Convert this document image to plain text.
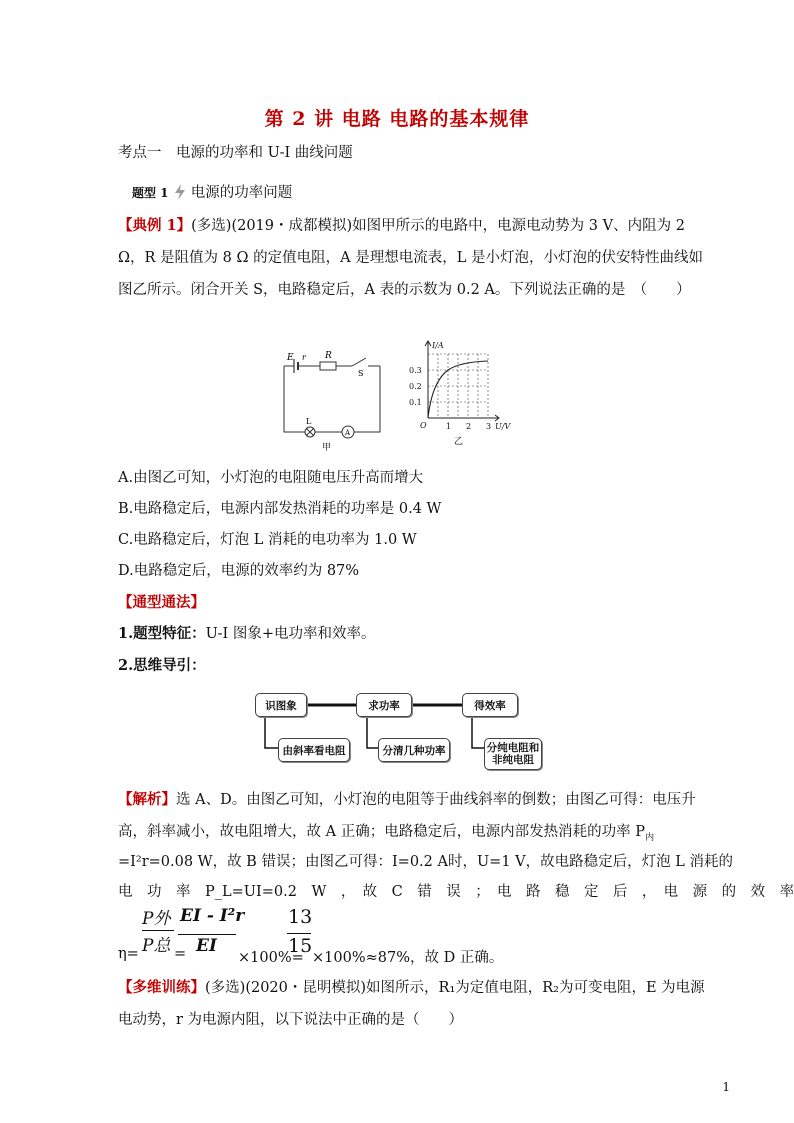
第 2 讲 电路 电路的基本规律
考点一　电源的功率和 U-I 曲线问题
题型 1 电源的功率问题
【典例 1】(多选)(2019・成都模拟)如图甲所示的电路中，电源电动势为 3 V、内阻为 2
Ω，R 是阻值为 8 Ω 的定值电阻，A 是理想电流表，L 是小灯泡，小灯泡的伏安特性曲线如
图乙所示。闭合开关 S，电路稳定后，A 表的示数为 0.2 A。下列说法正确的是　（　　）
E r R
S
L
A
甲
I/A
0.3
0.2
0.1
O 1 2 3 U/V
乙
A.由图乙可知，小灯泡的电阻随电压升高而增大
B.电路稳定后，电源内部发热消耗的功率是 0.4 W
C.电路稳定后，灯泡 L 消耗的电功率为 1.0 W
D.电路稳定后，电源的效率约为 87%
【通型通法】
1.题型特征：U-I 图象+电功率和效率。
2.思维导引：
识图象	求功率	得效率
由斜率看电阻	分清几种功率	分纯电阻和
非纯电阻
【解析】选 A、D。由图乙可知，小灯泡的电阻等于曲线斜率的倒数；由图乙可得：电压升
高，斜率减小，故电阻增大，故 A 正确；电路稳定后，电源内部发热消耗的功率 $P_内$
=I²r=0.08 W，故 B 错误；由图乙可得：I=0.2 A时，U=1 V，故电路稳定后，灯泡 L 消耗的
电　功　率　P_L=UI=0.2　W　，　故　C　错　误　；　电　路　稳　定　后　，　电　源　的　效　率
η=
P外
P总 =
EI - I²r
EI
×100%=
13
15
×100%≈87%，故 D 正确。
【多维训练】(多选)(2020・昆明模拟)如图所示，R₁为定值电阻，R₂为可变电阻，E 为电源
电动势，r 为电源内阻，以下说法中正确的是（　　）
1
